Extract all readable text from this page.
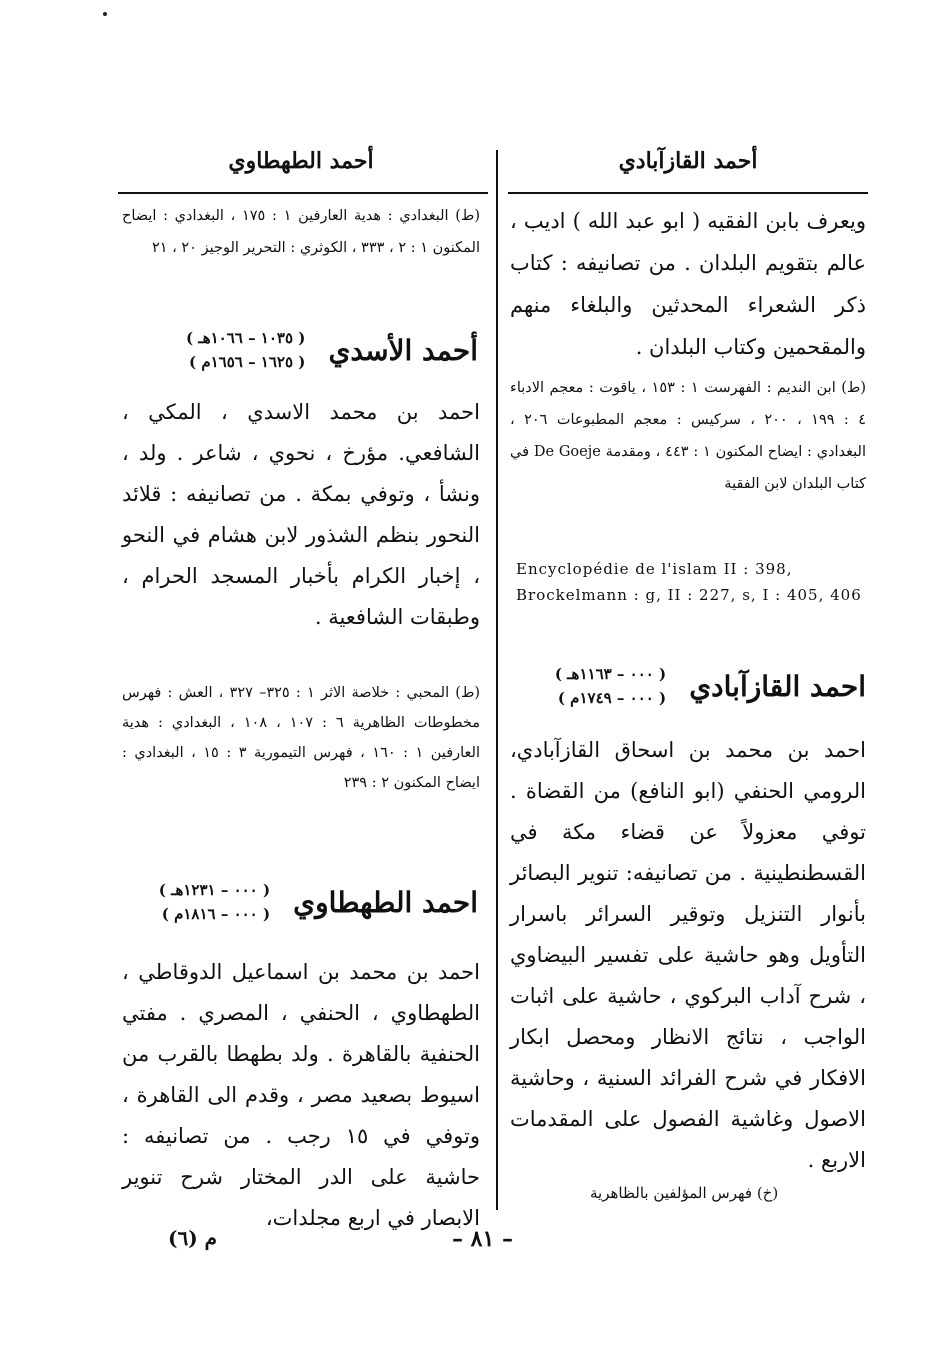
أحمد القازآبادي
أحمد الطهطاوي
ويعرف بابن الفقيه ( ابو عبد الله ) اديب ، عالم بتقويم البلدان . من تصانيفه : كتاب ذكر الشعراء المحدثين والبلغاء منهم والمقحمين وكتاب البلدان .
(ط) ابن النديم : الفهرست ١ : ١٥٣ ، ياقوت : معجم الادباء ٤ : ١٩٩ ، ٢٠٠ ، سركيس : معجم المطبوعات ٢٠٦ ، البغدادي : ايضاح المكنون ١ : ٤٤٣ ، ومقدمة De Goeje في كتاب البلدان لابن الفقية
Encyclopédie de l'islam II : 398, Brockelmann : g, II : 227, s, I : 405, 406
احمد القازآبادي
( ٠٠٠ – ١١٦٣هـ )
( ٠٠٠ – ١٧٤٩م )
احمد بن محمد بن اسحاق القازآبادي، الرومي الحنفي (ابو النافع) من القضاة . توفي معزولاً عن قضاء مكة في القسطنطينية . من تصانيفه: تنوير البصائر بأنوار التنزيل وتوقير السرائر باسرار التأويل وهو حاشية على تفسير البيضاوي ، شرح آداب البركوي ، حاشية على اثبات الواجب ، نتائج الانظار ومحصل ابكار الافكار في شرح الفرائد السنية ، وحاشية الاصول وغاشية الفصول على المقدمات الاربع .
(خ) فهرس المؤلفين بالظاهرية
(ط) البغدادي : هدية العارفين ١ : ١٧٥ ، البغدادي : ايضاح المكنون ١ : ٢ ، ٣٣٣ ، الكوثري : التحرير الوجيز ٢٠ ، ٢١
أحمد الأسدي
( ١٠٣٥ – ١٠٦٦هـ )
( ١٦٢٥ – ١٦٥٦م )
احمد بن محمد الاسدي ، المكي ، الشافعي. مؤرخ ، نحوي ، شاعر . ولد ، ونشأ ، وتوفي بمكة . من تصانيفه : قلائد النحور بنظم الشذور لابن هشام في النحو ، إخبار الكرام بأخبار المسجد الحرام ، وطبقات الشافعية .
(ط) المحبي : خلاصة الاثر ١ : ٣٢٥– ٣٢٧ ، العش : فهرس مخطوطات الظاهرية ٦ : ١٠٧ ، ١٠٨ ، البغدادي : هدية العارفين ١ : ١٦٠ ، فهرس التيمورية ٣ : ١٥ ، البغدادي : ايضاح المكنون ٢ : ٢٣٩
احمد الطهطاوي
( ٠٠٠ – ١٢٣١هـ )
( ٠٠٠ – ١٨١٦م )
احمد بن محمد بن اسماعيل الدوقاطي ، الطهطاوي ، الحنفي ، المصري . مفتي الحنفية بالقاهرة . ولد بطهطا بالقرب من اسيوط بصعيد مصر ، وقدم الى القاهرة ، وتوفي في ١٥ رجب . من تصانيفه : حاشية على الدر المختار شرح تنوير الابصار في اربع مجلدات،
– ٨١ –
م (٦)
